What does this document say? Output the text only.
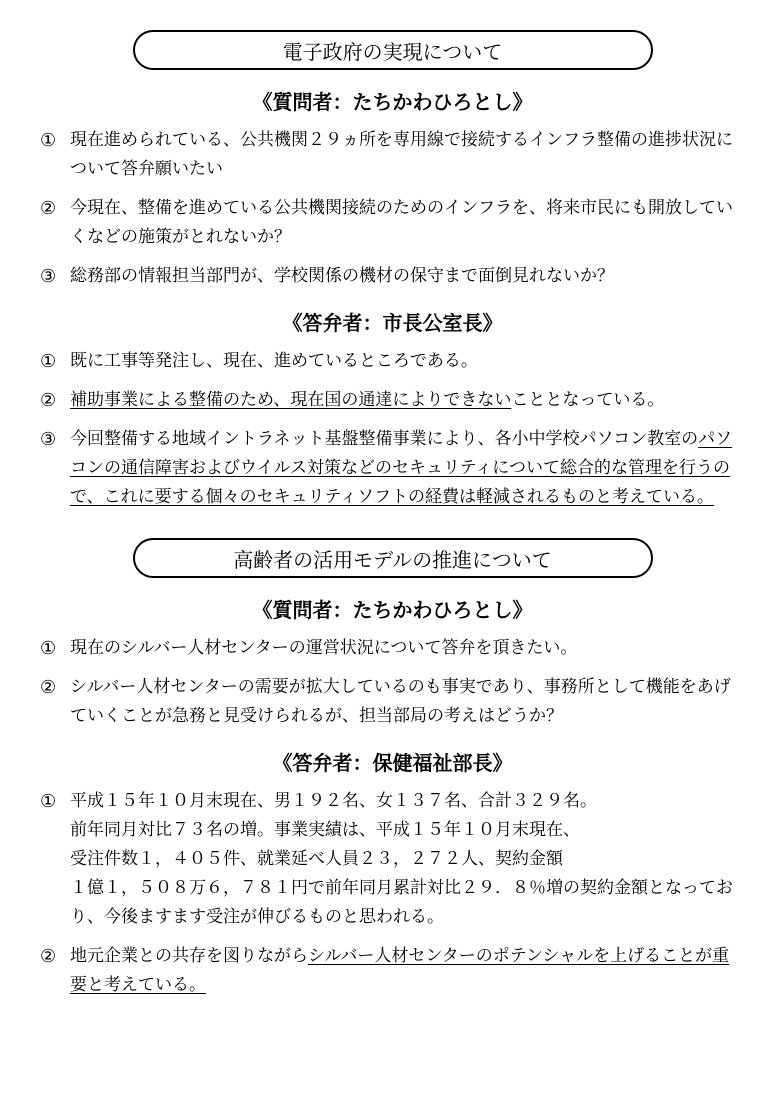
電子政府の実現について
《質問者：たちかわひろとし》
① 現在進められている、公共機関２９ヵ所を専用線で接続するインフラ整備の進捗状況について答弁願いたい
② 今現在、整備を進めている公共機関接続のためのインフラを、将来市民にも開放していくなどの施策がとれないか？
③ 総務部の情報担当部門が、学校関係の機材の保守まで面倒見れないか？
《答弁者：市長公室長》
① 既に工事等発注し、現在、進めているところである。
② 補助事業による整備のため、現在国の通達によりできないこととなっている。
③ 今回整備する地域イントラネット基盤整備事業により、各小中学校パソコン教室のパソコンの通信障害およびウイルス対策などのセキュリティについて総合的な管理を行うので、これに要する個々のセキュリティソフトの経費は軽減されるものと考えている。
高齢者の活用モデルの推進について
《質問者：たちかわひろとし》
① 現在のシルバー人材センターの運営状況について答弁を頂きたい。
② シルバー人材センターの需要が拡大しているのも事実であり、事務所として機能をあげていくことが急務と見受けられるが、担当部局の考えはどうか？
《答弁者：保健福祉部長》
① 平成１５年１０月末現在、男１９２名、女１３７名、合計３２９名。
前年同月対比７３名の増。事業実績は、平成１５年１０月末現在、
受注件数１，４０５件、就業延べ人員２３，２７２人、契約金額
１億１，５０８万６，７８１円で前年同月累計対比２９．８％増の契約金額となっており、今後ますます受注が伸びるものと思われる。
② 地元企業との共存を図りながらシルバー人材センターのポテンシャルを上げることが重要と考えている。
